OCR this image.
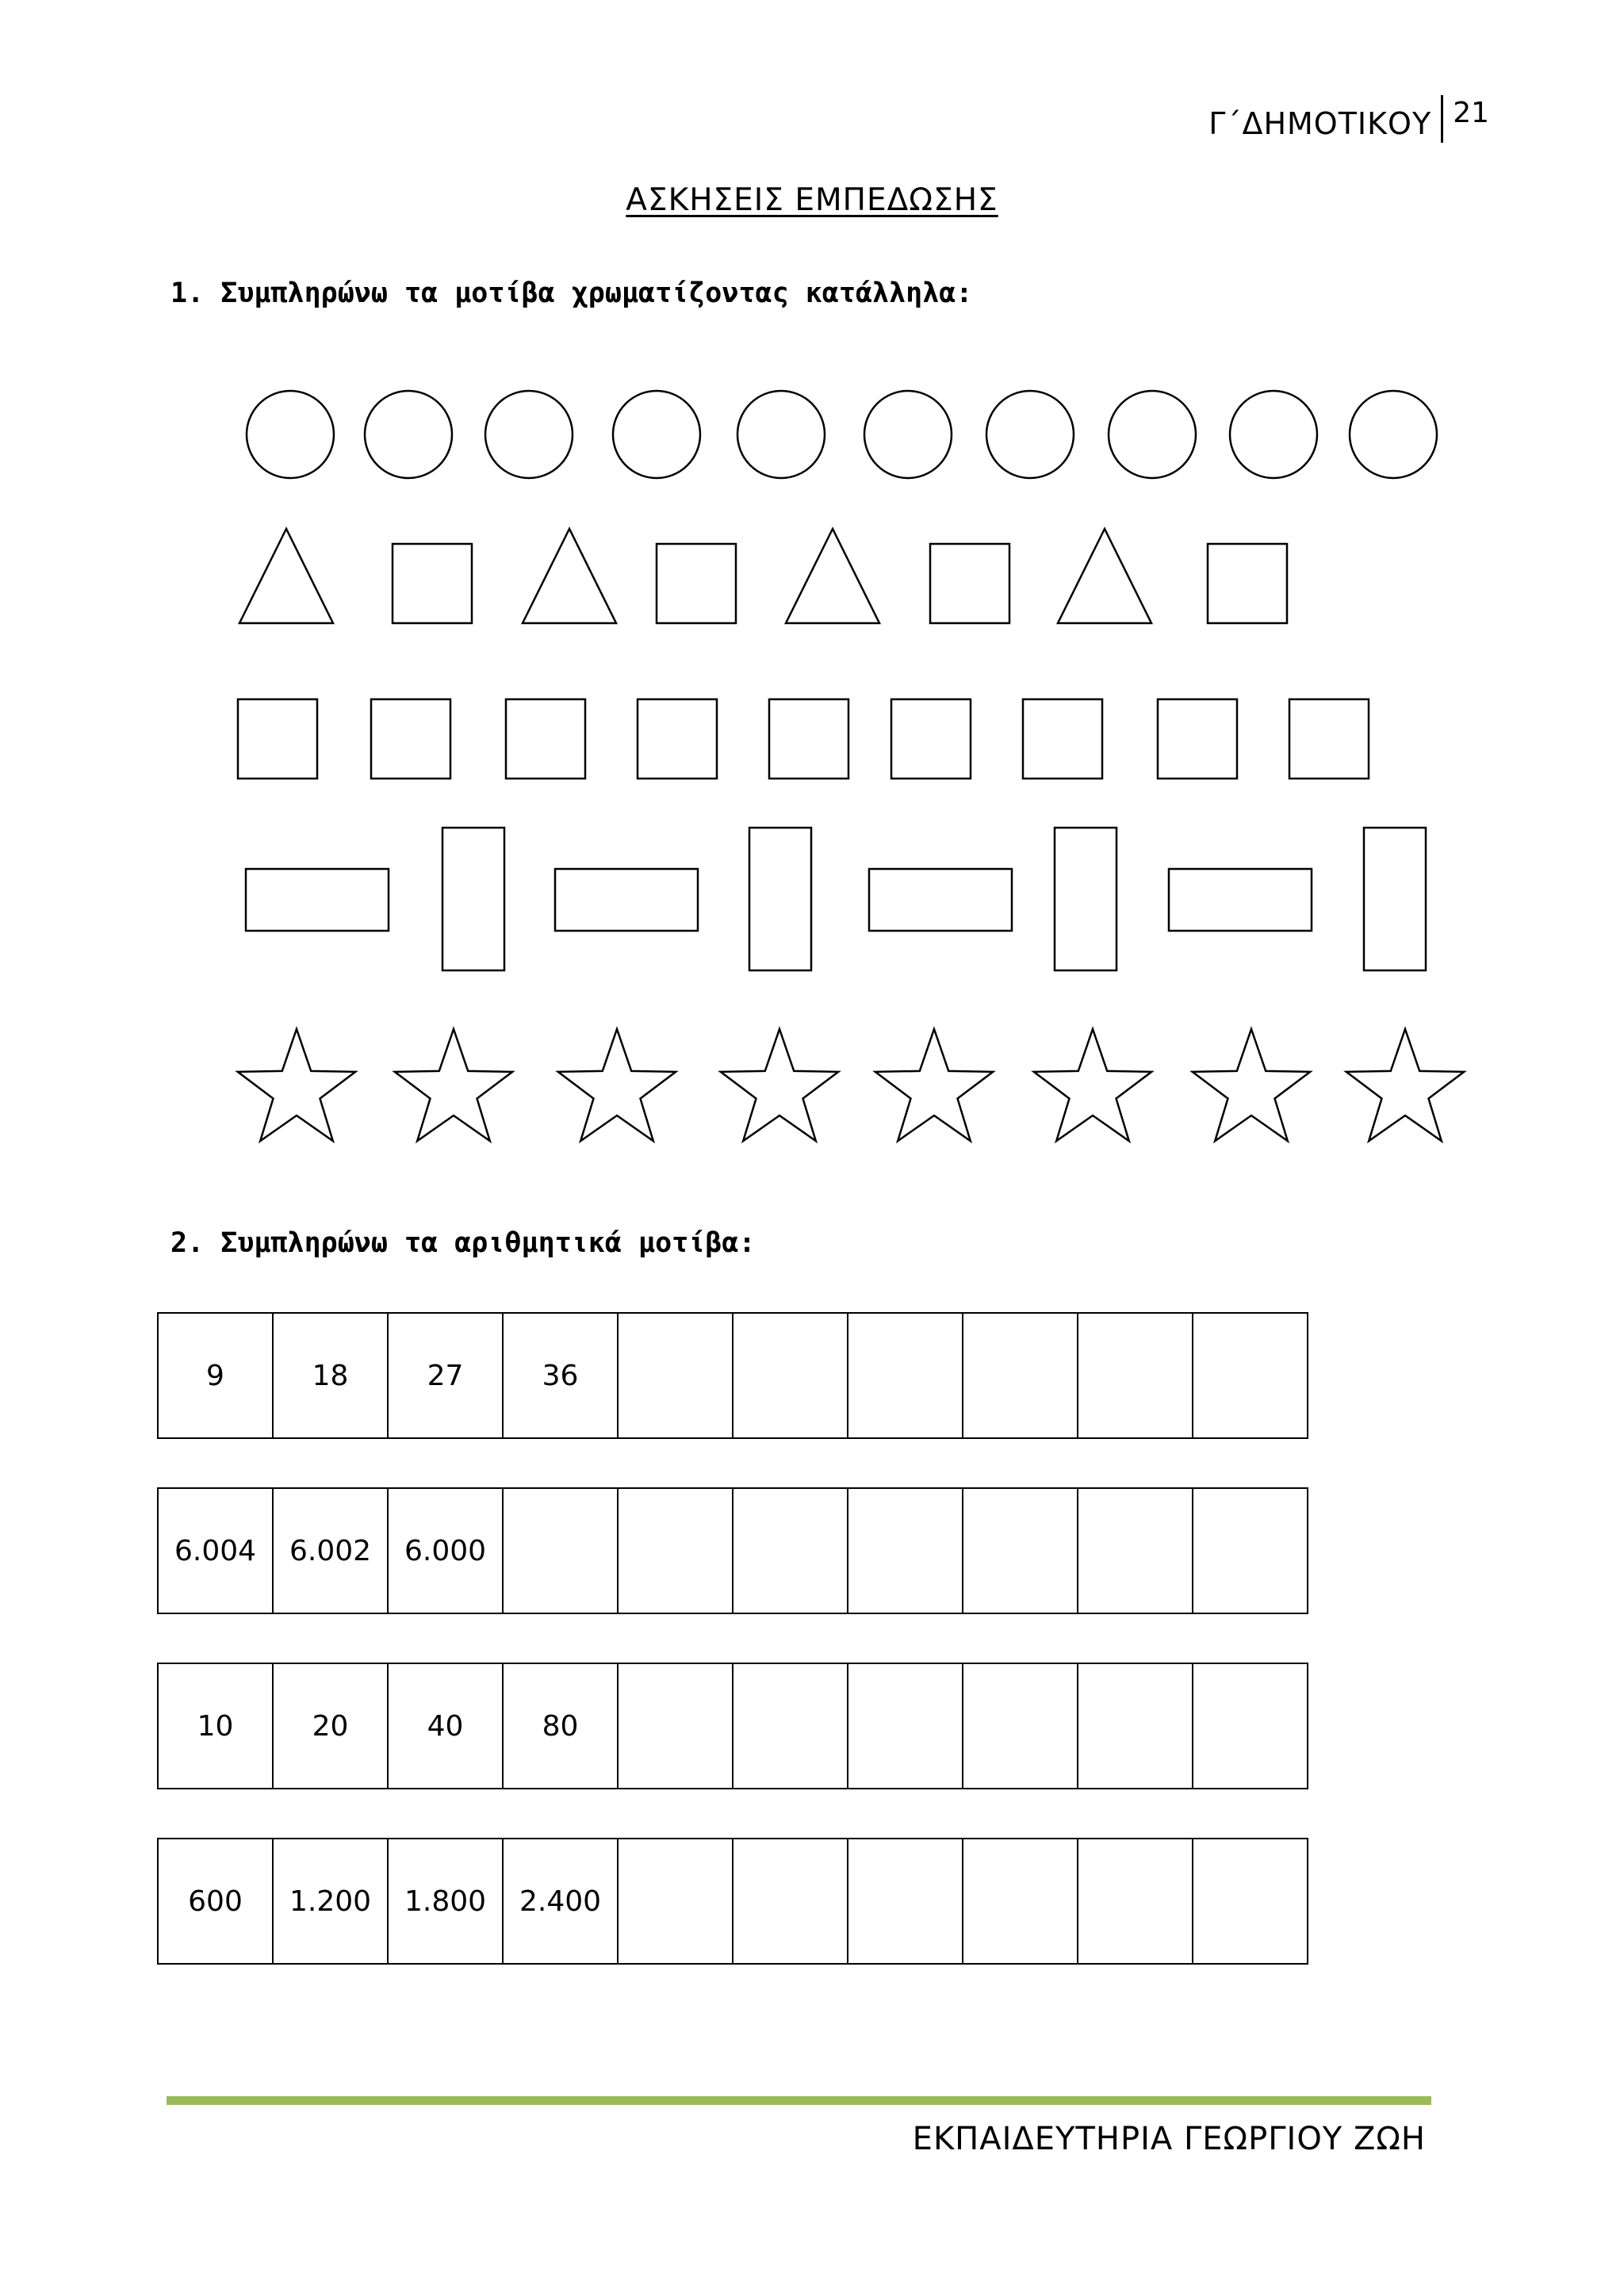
Γ΄ΔΗΜΟΤΙΚΟΥ 21
ΑΣΚΗΣΕΙΣ ΕΜΠΕΔΩΣΗΣ
1. Συμπληρώνω τα μοτίβα χρωματίζοντας κατάλληλα:
2. Συμπληρώνω τα αριθμητικά μοτίβα:
9	18	27	36						
6.004	6.002	6.000							
10	20	40	80						
600	1.200	1.800	2.400						
ΕΚΠΑΙΔΕΥΤΗΡΙΑ ΓΕΩΡΓΙΟΥ ΖΩΗ
